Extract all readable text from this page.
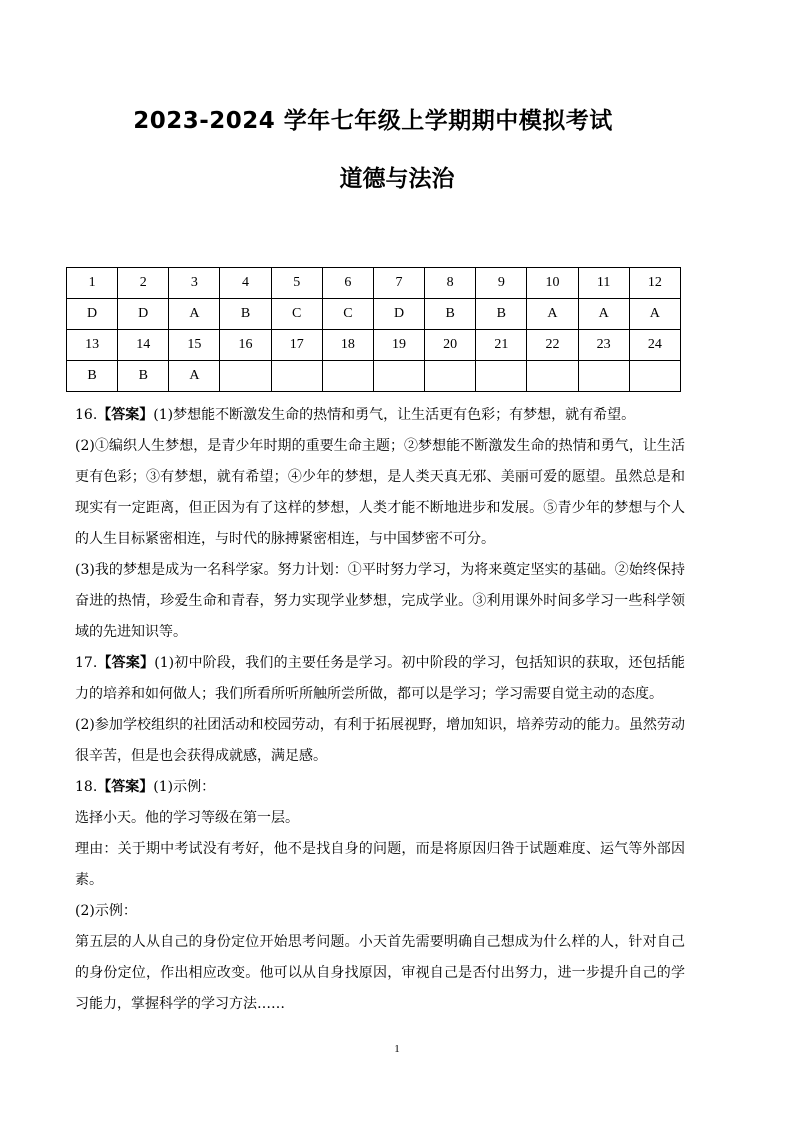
2023-2024 学年七年级上学期期中模拟考试
道德与法治
1	2	3	4	5	6	7	8	9	10	11	12
D	D	A	B	C	C	D	B	B	A	A	A
13	14	15	16	17	18	19	20	21	22	23	24
B	B	A									

16.【答案】(1)梦想能不断激发生命的热情和勇气，让生活更有色彩；有梦想，就有希望。

(2)①编织人生梦想，是青少年时期的重要生命主题；②梦想能不断激发生命的热情和勇气，让生活更有色彩；③有梦想，就有希望；④少年的梦想，是人类天真无邪、美丽可爱的愿望。虽然总是和现实有一定距离，但正因为有了这样的梦想，人类才能不断地进步和发展。⑤青少年的梦想与个人的人生目标紧密相连，与时代的脉搏紧密相连，与中国梦密不可分。

(3)我的梦想是成为一名科学家。努力计划：①平时努力学习，为将来奠定坚实的基础。②始终保持奋进的热情，珍爱生命和青春，努力实现学业梦想，完成学业。③利用课外时间多学习一些科学领域的先进知识等。

17.【答案】(1)初中阶段，我们的主要任务是学习。初中阶段的学习，包括知识的获取，还包括能力的培养和如何做人；我们所看所听所触所尝所做，都可以是学习；学习需要自觉主动的态度。

(2)参加学校组织的社团活动和校园劳动，有利于拓展视野，增加知识，培养劳动的能力。虽然劳动很辛苦，但是也会获得成就感，满足感。

18.【答案】(1)示例：

选择小天。他的学习等级在第一层。

理由：关于期中考试没有考好，他不是找自身的问题，而是将原因归咎于试题难度、运气等外部因素。

(2)示例：

第五层的人从自己的身份定位开始思考问题。小天首先需要明确自己想成为什么样的人，针对自己的身份定位，作出相应改变。他可以从自身找原因，审视自己是否付出努力，进一步提升自己的学习能力，掌握科学的学习方法……

1
